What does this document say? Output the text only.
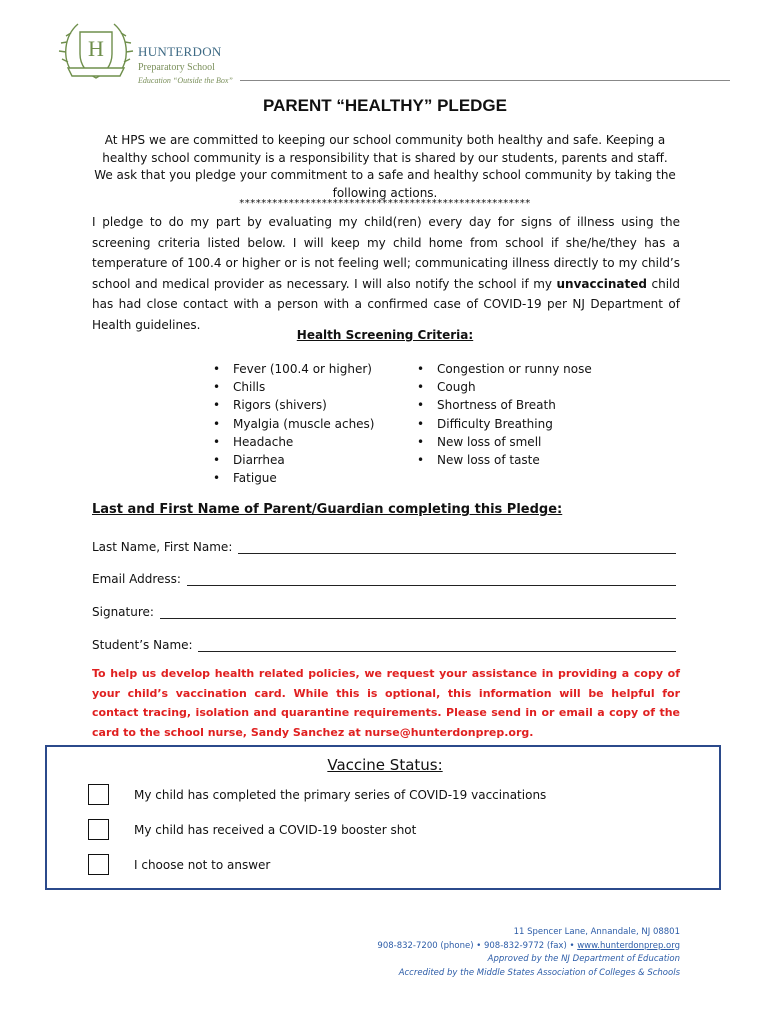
H	HUNTERDON
Preparatory School
Education “Outside the Box”
PARENT “HEALTHY” PLEDGE
At HPS we are committed to keeping our school community both healthy and safe. Keeping a healthy school community is a responsibility that is shared by our students, parents and staff. We ask that you pledge your commitment to a safe and healthy school community by taking the following actions.
*****************************************************
I pledge to do my part by evaluating my child(ren) every day for signs of illness using the screening criteria listed below. I will keep my child home from school if she/he/they has a temperature of 100.4 or higher or is not feeling well; communicating illness directly to my child’s school and medical provider as necessary. I will also notify the school if my unvaccinated child has had close contact with a person with a confirmed case of COVID-19 per NJ Department of Health guidelines.
Health Screening Criteria:
• Fever (100.4 or higher)
• Chills
• Rigors (shivers)
• Myalgia (muscle aches)
• Headache
• Diarrhea
• Fatigue
• Congestion or runny nose
• Cough
• Shortness of Breath
• Difficulty Breathing
• New loss of smell
• New loss of taste
Last and First Name of Parent/Guardian completing this Pledge:
Last Name, First Name:
Email Address:
Signature:
Student’s Name:
To help us develop health related policies, we request your assistance in providing a copy of your child’s vaccination card. While this is optional, this information will be helpful for contact tracing, isolation and quarantine requirements. Please send in or email a copy of the card to the school nurse, Sandy Sanchez at nurse@hunterdonprep.org.
Vaccine Status:
My child has completed the primary series of COVID-19 vaccinations
My child has received a COVID-19 booster shot
I choose not to answer
11 Spencer Lane, Annandale, NJ 08801
908-832-7200 (phone) • 908-832-9772 (fax) • www.hunterdonprep.org
Approved by the NJ Department of Education
Accredited by the Middle States Association of Colleges & Schools
